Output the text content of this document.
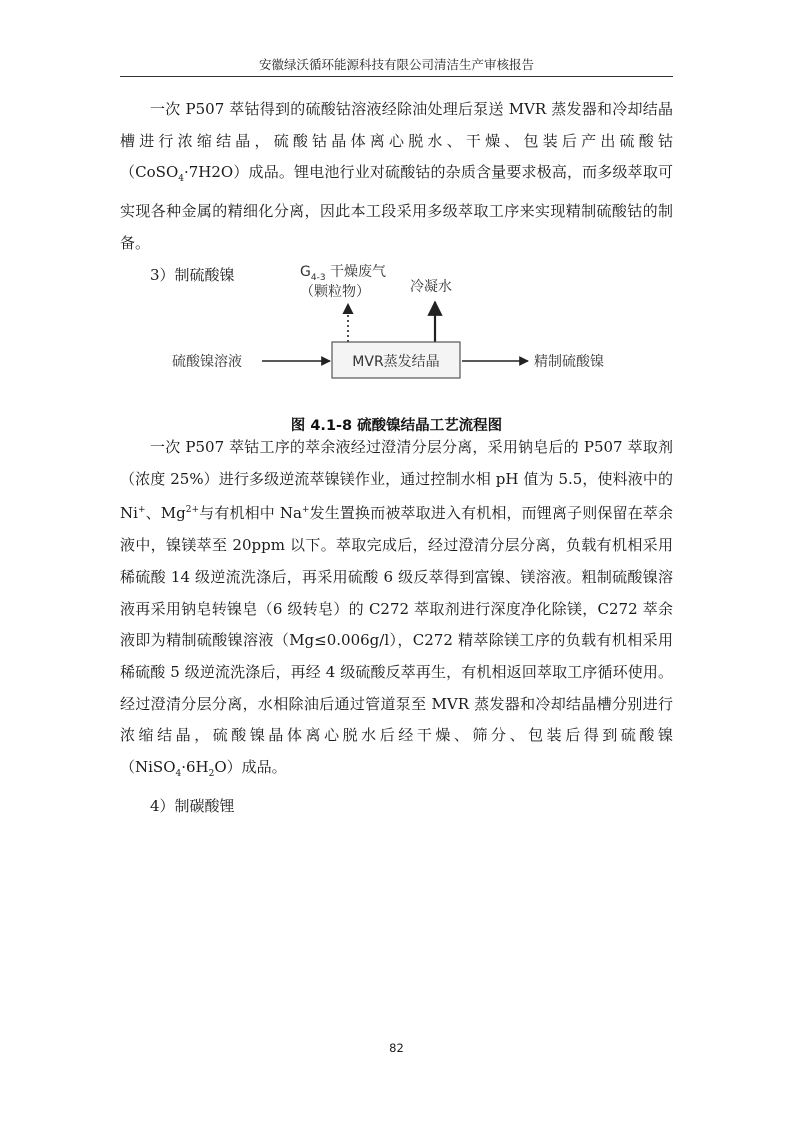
安徽绿沃循环能源科技有限公司清洁生产审核报告

一次 P507 萃钴得到的硫酸钴溶液经除油处理后泵送 MVR 蒸发器和冷却结晶槽进行浓缩结晶，硫酸钴晶体离心脱水、干燥、包装后产出硫酸钴（CoSO$_4$·7H2O）成品。锂电池行业对硫酸钴的杂质含量要求极高，而多级萃取可实现各种金属的精细化分离，因此本工段采用多级萃取工序来实现精制硫酸钴的制备。

3）制硫酸镍	$G_{4-3}$ 干燥废气
（颗粒物）	冷凝水
MVR蒸发结晶
硫酸镍溶液	精制硫酸镍
图 4.1-8 硫酸镍结晶工艺流程图

一次 P507 萃钴工序的萃余液经过澄清分层分离，采用钠皂后的 P507 萃取剂（浓度 25%）进行多级逆流萃镍镁作业，通过控制水相 pH 值为 5.5，使料液中的 Ni+、$Mg^{2+}$与有机相中 Na+发生置换而被萃取进入有机相，而锂离子则保留在萃余液中，镍镁萃至 20ppm 以下。萃取完成后，经过澄清分层分离，负载有机相采用稀硫酸 14 级逆流洗涤后，再采用硫酸 6 级反萃得到富镍、镁溶液。粗制硫酸镍溶液再采用钠皂转镍皂（6 级转皂）的 C272 萃取剂进行深度净化除镁，C272 萃余液即为精制硫酸镍溶液（Mg≤0.006g/l），C272 精萃除镁工序的负载有机相采用稀硫酸 5 级逆流洗涤后，再经 4 级硫酸反萃再生，有机相返回萃取工序循环使用。经过澄清分层分离，水相除油后通过管道泵至 MVR 蒸发器和冷却结晶槽分别进行浓缩结晶，硫酸镍晶体离心脱水后经干燥、筛分、包装后得到硫酸镍$(NiSO_4\cdot 6H_2O)$成品。

4）制碳酸锂

82
